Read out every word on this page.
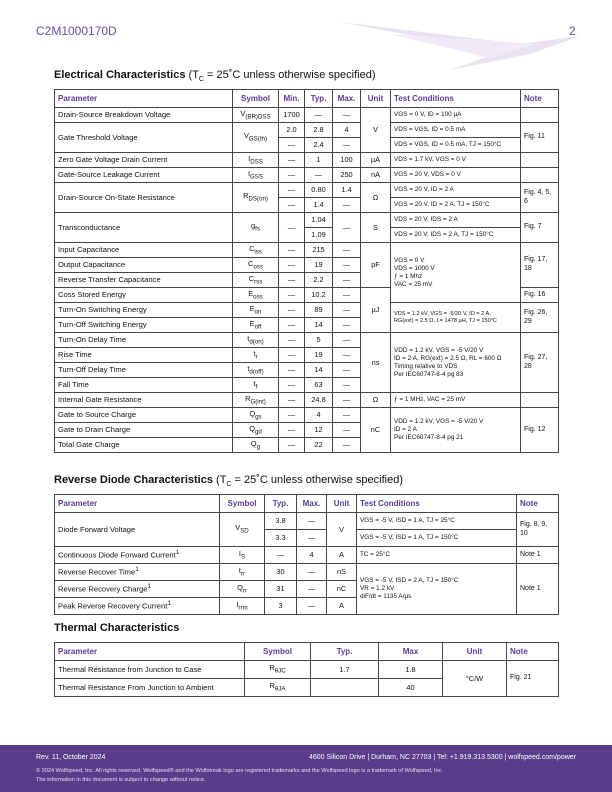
C2M1000170D	2
Electrical Characteristics ($T_C$ = 25˚C unless otherwise specified)
Parameter	Symbol	Min.	Typ.	Max.	Unit	Test Conditions	Note
Drain-Source Breakdown Voltage	$V_{(BR)DSS}$	1700	—	—	V	VGS = 0 V, ID = 100 µA	
Gate Threshold Voltage	$V_{GS(th)}$	2.0	2.8	4		VDS = VGS, ID = 0.5 mA	Fig. 11
		—	2.4	—		VDS = VGS, ID = 0.5 mA, TJ = 150°C	
Zero Gate Voltage Drain Current	$I_{DSS}$	—	1	100	µA	VDS = 1.7 kV, VGS = 0 V	
Gate-Source Leakage Current	$I_{GSS}$	—	—	250	nA	VGS = 20 V, VDS = 0 V	
Drain-Source On-State Resistance	$R_{DS(on)}$	—	0.80	1.4	Ω	VGS = 20 V, ID = 2 A	Fig. 4, 5, 6
		—	1.4	—		VGS = 20 V, ID = 2 A, TJ = 150°C	
Transconductance	$g_{fs}$	—	1.04	—	S	VDS = 20 V, IDS = 2 A	Fig. 7
			1.09			VDS = 20 V, IDS = 2 A, TJ = 150°C	
Input Capacitance	$C_{iss}$	—	215	—	pF	VGS = 0 V
VDS = 1000 V
ƒ = 1 Mhz
VAC = 25 mV	Fig. 17, 18
Output Capacitance	$C_{oss}$	—	19	—			
Reverse Transfer Capacitance	$C_{rss}$	—	2.2	—			
Coss Stored Energy	$E_{oss}$	—	10.2	—	µJ		Fig. 16
Turn-On Switching Energy	$E_{on}$	—	89	—		VDS = 1.2 kV, VGS = -5/20 V, ID = 2 A,
RG(ext) = 2.5 Ω, L= 1478 µH, TJ = 150°C	Fig. 26, 29
Turn-Off Switching Energy	$E_{off}$	—	14	—			
Turn-On Delay Time	$t_{d(on)}$	—	5	—	ns	VDD = 1.2 kV, VGS = -5 V/20 V
ID = 2 A, RG(ext) = 2.5 Ω, RL = 600 Ω
Timing relative to VDS
Per IEC60747-8-4 pg 83	Fig. 27, 28
Rise Time	$t_r$	—	19	—			
Turn-Off Delay Time	$t_{d(off)}$	—	14	—			
Fall Time	$t_f$	—	63	—			
Internal Gate Resistance	$R_{G(int)}$	—	24.8	—	Ω	ƒ = 1 MHz, VAC = 25 mV	
Gate to Source Charge	$Q_{gs}$	—	4	—	nC	VDD = 1.2 kV, VGS = -5 V/20 V
ID = 2 A
Per IEC60747-8-4 pg 21	Fig. 12
Gate to Drain Charge	$Q_{gd}$	—	12	—			
Total Gate Charge	$Q_g$	—	22	—			
Reverse Diode Characteristics ($T_C$ = 25˚C unless otherwise specified)
Parameter	Symbol	Typ.	Max.	Unit	Test Conditions	Note
Diode Forward Voltage	$V_{SD}$	3.8	—	V	VGS = -5 V, ISD = 1 A, TJ = 25°C	Fig. 8, 9, 10
		3.3	—		VGS = -5 V, ISD = 1 A, TJ = 150°C	
Continuous Diode Forward Current$^1$	$I_S$	—	4	A	TC = 25°C	Note 1
Reverse Recover Time$^1$	$t_{rr}$	30	—	nS	VGS = -5 V, ISD = 2 A, TJ = 150°C
VR = 1.2 kV
diF/dt = 1135 A/µs	Note 1
Reverse Recovery Charge$^1$	$Q_{rr}$	31	—	nC		
Peak Reverse Recovery Current$^1$	$I_{rrm}$	3	—	A		
Thermal Characteristics
Parameter	Symbol	Typ.	Max	Unit	Note
Thermal Resistance from Junction to Case	$R_{\theta JC}$	1.7	1.8	°C/W	Fig. 21
Thermal Resistance From Junction to Ambient	$R_{\theta JA}$		40		
Rev. 11, October 2024	4600 Silicon Drive | Durham, NC 27703 | Tel: +1.919.313.5300 | wolfspeed.com/power
© 2024 Wolfspeed, Inc. All rights reserved. Wolfspeed® and the Wolfstreak logo are registered trademarks and the Wolfspeed logo is a trademark of Wolfspeed, Inc.
The information in this document is subject to change without notice.
